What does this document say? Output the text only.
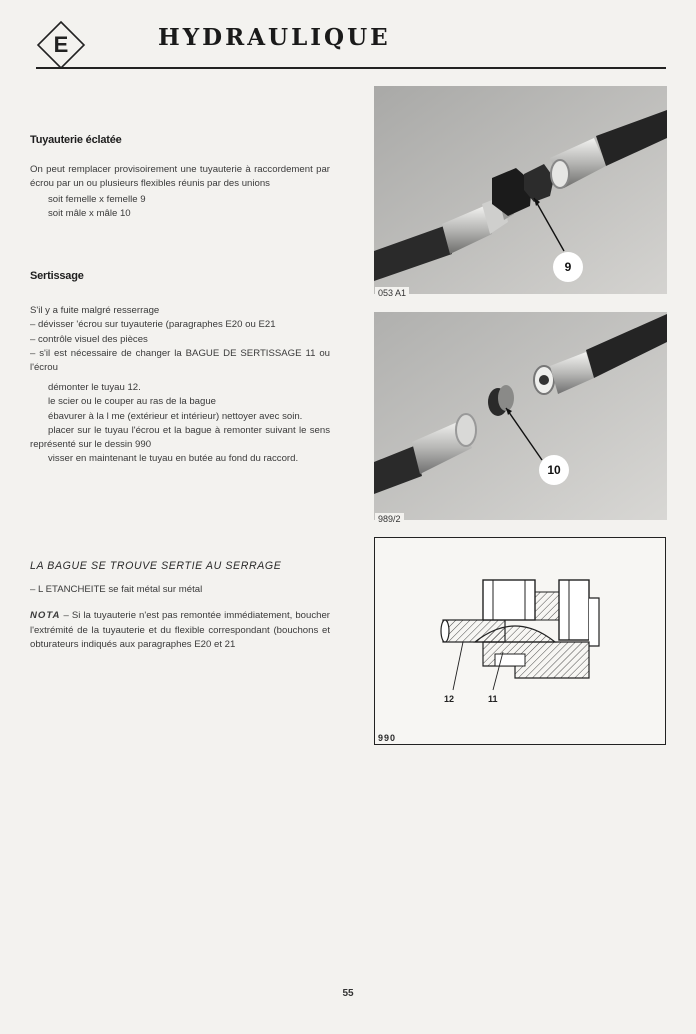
E	HYDRAULIQUE
Tuyauterie éclatée

On peut remplacer provisoirement une tuyauterie à raccordement par écrou par un ou plusieurs flexibles réunis par des unions

soit femelle x femelle 9
soit mâle x mâle 10
Sertissage

S'il y a fuite malgré resserrage

– dévisser 'écrou sur tuyauterie (paragraphes E20 ou E21

– contrôle visuel des pièces

– s'il est nécessaire de changer la BAGUE DE SERTISSAGE 11 ou l'écrou

démonter le tuyau 12.

le scier ou le couper au ras de la bague

ébavurer à la l me (extérieur et intérieur) nettoyer avec soin.

placer sur le tuyau l'écrou et la bague à remonter suivant le sens représenté sur le dessin 990

visser en maintenant le tuyau en butée au fond du raccord.

LA BAGUE SE TROUVE SERTIE AU SERRAGE

– L ETANCHEITE se fait métal sur métal

NOTA – Si la tuyauterie n'est pas remontée immédiatement, boucher l'extrémité de la tuyauterie et du flexible correspondant (bouchons et obturateurs indiqués aux paragraphes E20 et 21

9
053 A1
10
989/2
12	11
990
55
